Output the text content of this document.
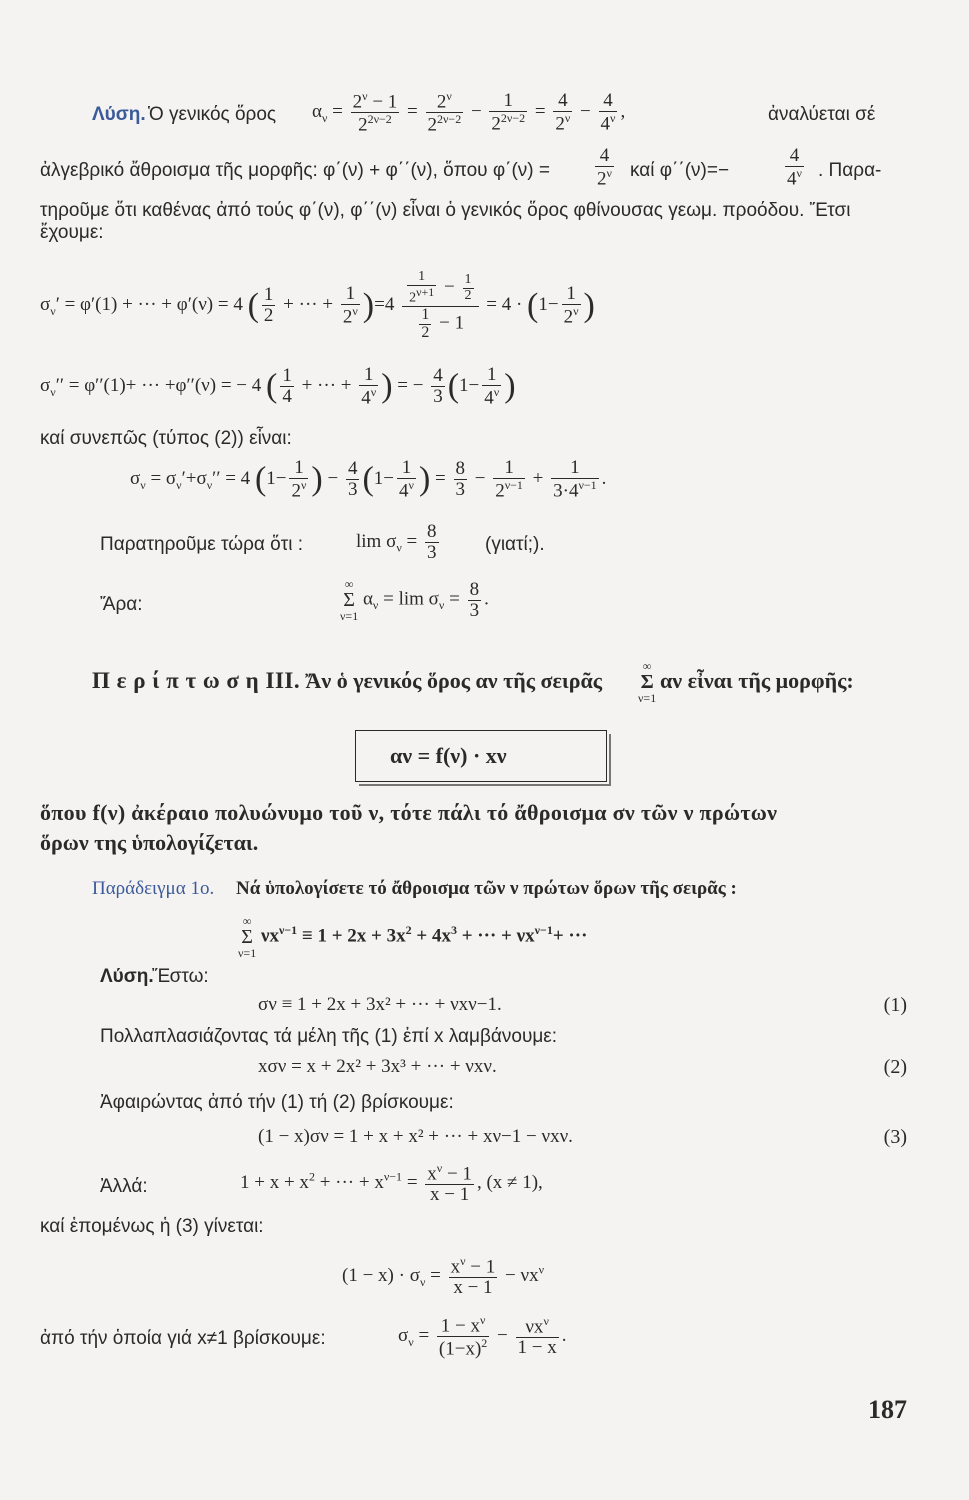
Λύση. Ὁ γενικός ὅρος $\alpha_\nu = \frac{2^\nu - 1}{2^{2\nu-2}} = \frac{2^\nu}{2^{2\nu-2}} - \frac{1}{2^{2\nu-2}} = \frac{4}{2^\nu} - \frac{4}{4^\nu}$ ,	ἀναλύεται σέ
ἀλγεβρικό ἄθροισμα τῆς μορφῆς: φ΄(ν) + φ΄΄(ν), ὅπου $\varphi΄(\nu) = \frac{4}{2^\nu}$ καί φ΄΄(ν)=−	$\frac{4}{4^\nu}$ . Παρα-
τηροῦμε ὅτι καθένας ἀπό τούς φ΄(ν), φ΄΄(ν) εἶναι ὁ γενικός ὅρος φθίνουσας γεωμ. προόδου. Ἔτσι
ἔχουμε:
$\sigma_\nu' = \varphi'(1)$ + ··· + φ′(ν) = 4 ( $\frac{1}{2}$ + ··· + $\frac{1}{2^\nu} )=4 \frac{\frac{1}{2^{\nu+1}} - \frac{1}{2}}{\frac{1}{2} - 1} = 4 \cdot (1- \frac{1}{2^\nu}$ )
$\sigma_\nu'' = \varphi''(1)+$ ··· +φ′′(ν) = − 4 ( $\frac{1}{4}$ + ··· + $\frac{1}{4^\nu}$ ) = − $\frac{4}{3} (1- \frac{1}{4^\nu}$ )
καί συνεπῶς (τύπος (2)) εἶναι:
$\sigma_\nu = \sigma_\nu'+\sigma_\nu'' = 4$ ($1- \frac{1}{2^\nu}$ ) − $\frac{4}{3} (1- \frac{1}{4^\nu}$ ) = $\frac{8}{3} - \frac{1}{2^{\nu-1}} + \frac{1}{3\cdot 4^{\nu-1}}$ .
Παρατηροῦμε τώρα ὅτι :	$\lim \sigma_\nu = \frac{8}{3}$ (γιατί;).
Ἄρα:
∞
Σ
ν=1
$\alpha_\nu = \lim \sigma_\nu = \frac{8}{3}$ .
Π ε ρ ί π τ ω σ η III. Ἄν ὁ γενικός ὅρος αν τῆς σειρᾶς
∞
Σ
ν=1
αν εἶναι τῆς μορφῆς:
αν = f(ν) · xν
ὅπου f(ν) ἀκέραιο πολυώνυμο τοῦ ν, τότε πάλι τό ἄθροισμα σν τῶν ν πρώτων
ὅρων της ὑπολογίζεται.
Παράδειγμα 1ο. Νά ὑπολογίσετε τό ἄθροισμα τῶν ν πρώτων ὅρων τῆς σειρᾶς :
∞
Σ
ν=1
$\nu x^{\nu-1} \equiv 1 + 2x + 3x^2 + 4x^3$ + ··· + $\nu x^{\nu-1}+$ ···
Λύση.
Ἔστω:
σν ≡ 1 + 2x + 3x² + ··· + νxν−1.	(1)
Πολλαπλασιάζοντας τά μέλη τῆς (1) ἐπί x λαμβάνουμε:
xσν = x + 2x² + 3x³ + ··· + νxν.	(2)
Ἀφαιρώντας ἀπό τήν (1) τή (2) βρίσκουμε:
(1 − x)σν = 1 + x + x² + ··· + xν−1 − νxν.	(3)
Ἀλλά:	$1 + x + x^2$ + ··· + $x^{\nu-1} = \frac{x^\nu - 1}{x - 1}$ , (x ≠ 1),
καί ἑπομένως ἡ (3) γίνεται:
$(1 - x) \cdot \sigma_\nu = \frac{x^\nu - 1}{x - 1} - \nu x^\nu$
ἀπό τήν ὁποία γιά x≠1 βρίσκουμε:	$\sigma_\nu = \frac{1 - x^\nu}{(1-x)^2} - \frac{\nu x^\nu}{1 - x}$ .
187
